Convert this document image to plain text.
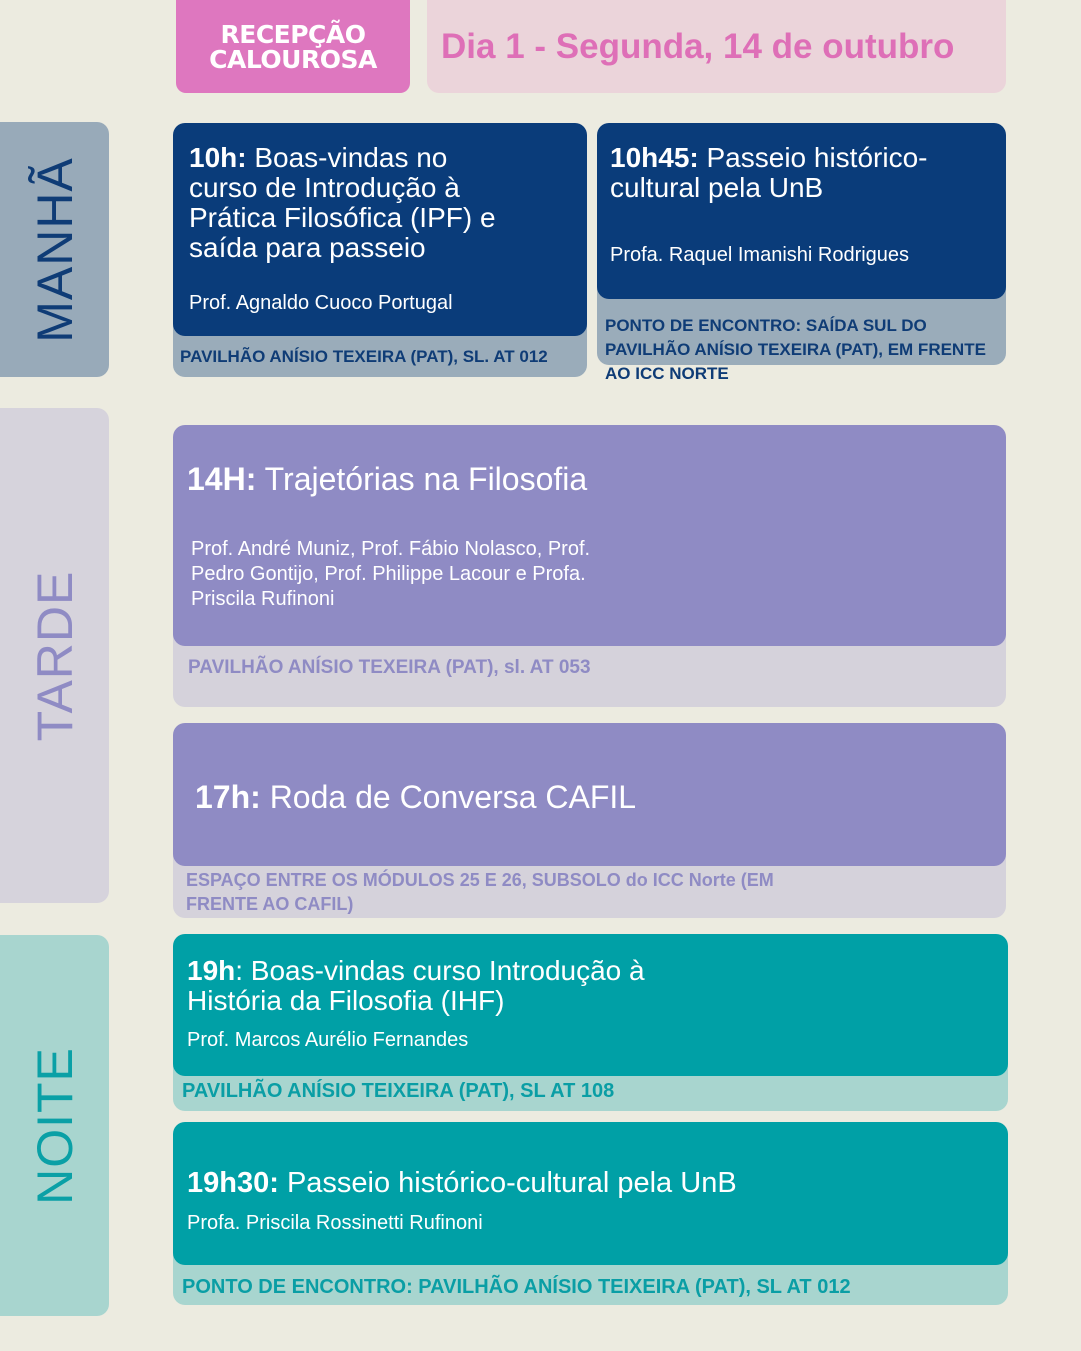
RECEPÇÃO
CALOUROSA	Dia 1 - Segunda, 14 de outubro
MANHÃ
TARDE
NOITE
PAVILHÃO ANÍSIO TEXEIRA (PAT), SL. AT 012
10h: Boas-vindas no curso de Introdução à Prática Filosófica (IPF) e saída para passeio
Prof. Agnaldo Cuoco Portugal
PONTO DE ENCONTRO: SAÍDA SUL DO PAVILHÃO ANÍSIO TEXEIRA (PAT), EM FRENTE AO ICC NORTE
10h45: Passeio histórico-cultural pela UnB
Profa. Raquel Imanishi Rodrigues
PAVILHÃO ANÍSIO TEXEIRA (PAT), sl. AT 053
14H: Trajetórias na Filosofia
Prof. André Muniz, Prof. Fábio Nolasco, Prof. Pedro Gontijo, Prof. Philippe Lacour e Profa. Priscila Rufinoni
ESPAÇO ENTRE OS MÓDULOS 25 E 26, SUBSOLO do ICC Norte (EM FRENTE AO CAFIL)
17h: Roda de Conversa CAFIL
PAVILHÃO ANÍSIO TEIXEIRA (PAT), SL AT 108
19h: Boas-vindas curso Introdução à História da Filosofia (IHF)
Prof. Marcos Aurélio Fernandes
PONTO DE ENCONTRO: PAVILHÃO ANÍSIO TEIXEIRA (PAT), SL AT 012
19h30: Passeio histórico-cultural pela UnB
Profa. Priscila Rossinetti Rufinoni
